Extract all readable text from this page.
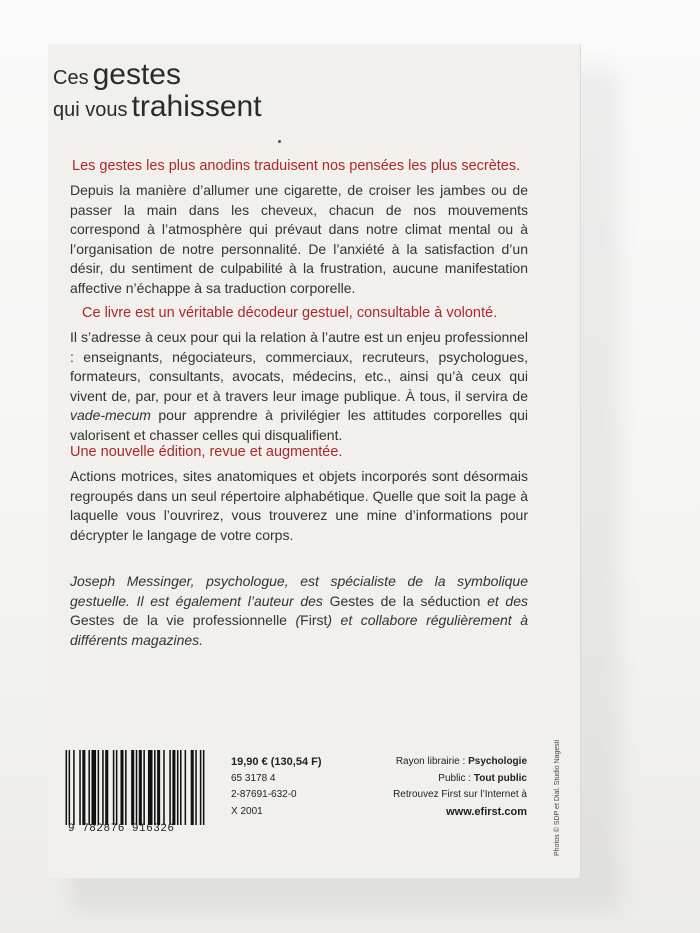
Ces gestes
qui vous trahissent
Les gestes les plus anodins traduisent nos pensées les plus secrètes.
Depuis la manière d’allumer une cigarette, de croiser les jambes ou de passer la main dans les cheveux, chacun de nos mouvements correspond à l’atmosphère qui prévaut dans notre climat mental ou à l’organisation de notre personnalité. De l’anxiété à la satisfaction d’un désir, du sentiment de culpabilité à la frustration, aucune manifestation affective n’échappe à sa traduction corporelle.
Ce livre est un véritable décodeur gestuel, consultable à volonté.
Il s’adresse à ceux pour qui la relation à l’autre est un enjeu professionnel : enseignants, négociateurs, commerciaux, recruteurs, psychologues, formateurs, consultants, avocats, médecins, etc., ainsi qu’à ceux qui vivent de, par, pour et à travers leur image publique. À tous, il servira de vade-mecum pour apprendre à privilégier les attitudes corporelles qui valorisent et chasser celles qui disqualifient.
Une nouvelle édition, revue et augmentée.
Actions motrices, sites anatomiques et objets incorporés sont désormais regroupés dans un seul répertoire alphabétique. Quelle que soit la page à laquelle vous l’ouvrirez, vous trouverez une mine d’informations pour décrypter le langage de votre corps.
Joseph Messinger, psychologue, est spécialiste de la symbolique gestuelle. Il est également l’auteur des Gestes de la séduction et des Gestes de la vie professionnelle (First) et collabore régulièrement à différents magazines.
Photos © SDP et Dial. Studio Nagesti
9 782876 916326
19,90 € (130,54 F)
65 3178 4
2-87691-632-0
X 2001
Rayon librairie : Psychologie
Public : Tout public
Retrouvez First sur l’Internet à
www.efirst.com
